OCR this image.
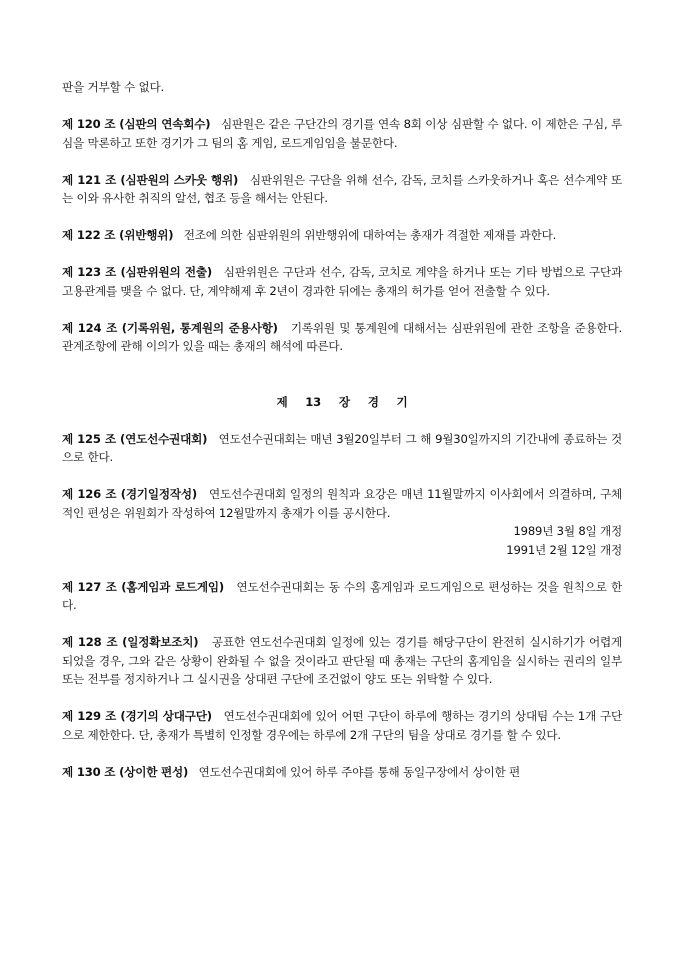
판을 거부할 수 없다.

제 120 조 (심판의 연속회수) 심판원은 같은 구단간의 경기를 연속 8회 이상 심판할 수 없다. 이 제한은 구심, 루심을 막론하고 또한 경기가 그 팀의 홈 게임, 로드게임임을 불문한다.

제 121 조 (심판원의 스카웃 행위) 심판위원은 구단을 위해 선수, 감독, 코치를 스카웃하거나 혹은 선수계약 또는 이와 유사한 취직의 알선, 협조 등을 해서는 안된다.

제 122 조 (위반행위) 전조에 의한 심판위원의 위반행위에 대하여는 총재가 격절한 제재를 과한다.

제 123 조 (심판위원의 전출) 심판위원은 구단과 선수, 감독, 코치로 계약을 하거나 또는 기타 방법으로 구단과 고용관계를 맺을 수 없다. 단, 계약해제 후 2년이 경과한 뒤에는 총재의 허가를 얻어 전출할 수 있다.

제 124 조 (기록위원, 통계원의 준용사항) 기록위원 및 통계원에 대해서는 심판위원에 관한 조항을 준용한다. 관계조항에 관해 이의가 있을 때는 총재의 해석에 따른다.

제 13 장 경 기

제 125 조 (연도선수권대회) 연도선수권대회는 매년 3월20일부터 그 해 9월30일까지의 기간내에 종료하는 것으로 한다.

제 126 조 (경기일정작성) 연도선수권대회 일정의 원칙과 요강은 매년 11월말까지 이사회에서 의결하며, 구체적인 편성은 위원회가 작성하여 12월말까지 총재가 이를 공시한다.

1989년 3월 8일 개정
1991년 2월 12일 개정

제 127 조 (홈게임과 로드게임) 연도선수권대회는 동 수의 홈게임과 로드게임으로 편성하는 것을 원칙으로 한다.

제 128 조 (일정확보조치) 공표한 연도선수권대회 일정에 있는 경기를 해당구단이 완전히 실시하기가 어렵게 되었을 경우, 그와 같은 상황이 완화될 수 없을 것이라고 판단될 때 총재는 구단의 홈게임을 실시하는 권리의 일부 또는 전부를 정지하거나 그 실시권을 상대편 구단에 조건없이 양도 또는 위탁할 수 있다.

제 129 조 (경기의 상대구단) 연도선수권대회에 있어 어떤 구단이 하루에 행하는 경기의 상대팀 수는 1개 구단으로 제한한다. 단, 총재가 특별히 인정할 경우에는 하루에 2개 구단의 팀을 상대로 경기를 할 수 있다.

제 130 조 (상이한 편성) 연도선수권대회에 있어 하루 주야를 통해 동일구장에서 상이한 편
